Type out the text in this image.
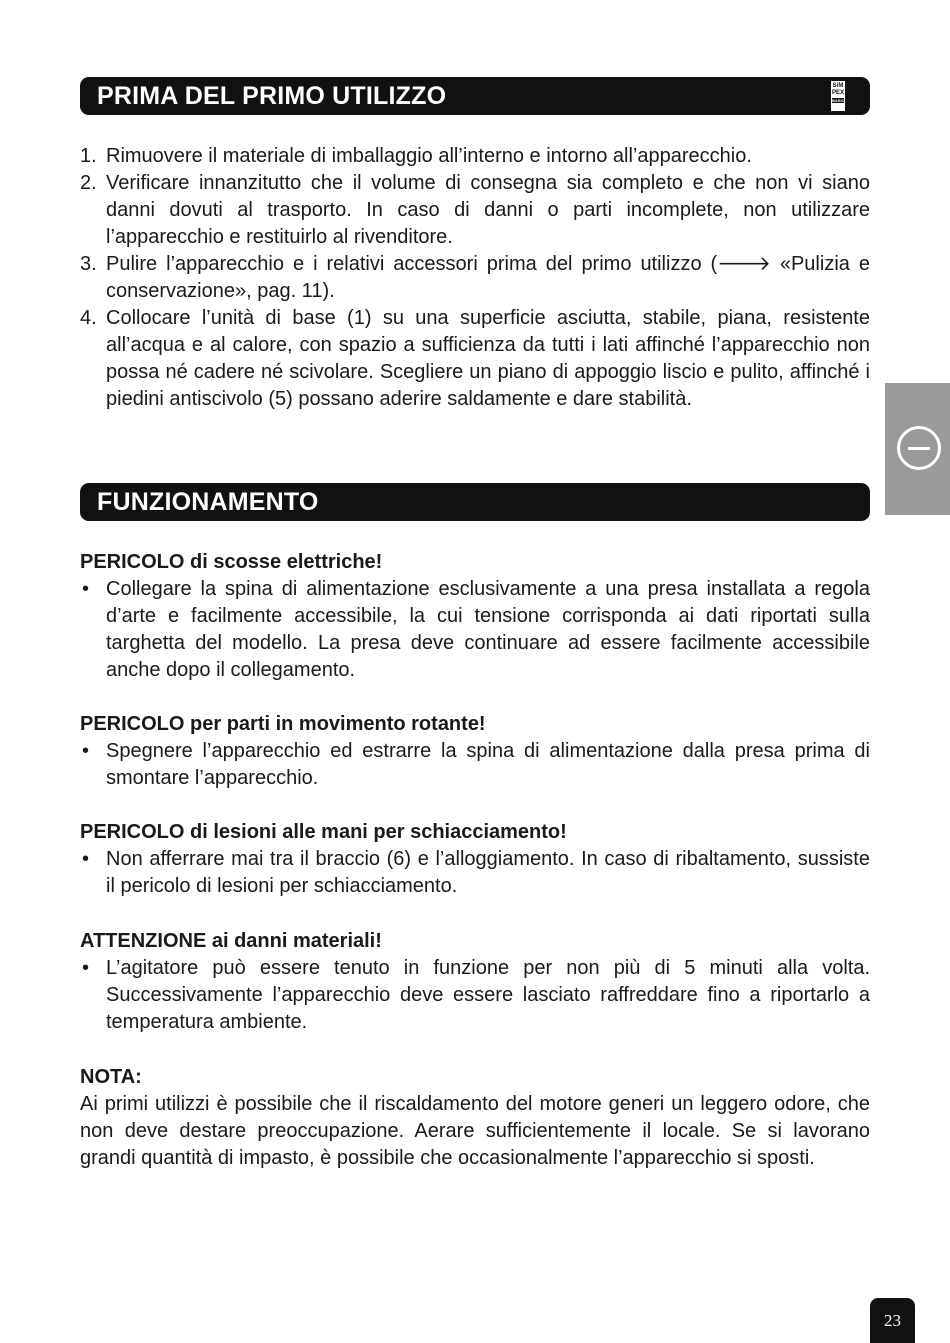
PRIMA DEL PRIMO UTILIZZO	SiM
PEX
BASIC
1. Rimuovere il materiale di imballaggio all’interno e intorno all’apparecchio.
2. Verificare innanzitutto che il volume di consegna sia completo e che non vi siano danni dovuti al trasporto. In caso di danni o parti incomplete, non utilizzare l’apparecchio e restituirlo al rivenditore.
3. Pulire l’apparecchio e i relativi accessori prima del primo utilizzo (🡒 «Pulizia e conservazione», pag. 11).
4. Collocare l’unità di base (1) su una superficie asciutta, stabile, piana, resistente all’acqua e al calore, con spazio a sufficienza da tutti i lati affinché l’apparecchio non possa né cadere né scivolare. Scegliere un piano di appoggio liscio e pulito, affinché i piedini antiscivolo (5) possano aderire saldamente e dare stabilità.
FUNZIONAMENTO
PERICOLO di scosse elettriche!
• Collegare la spina di alimentazione esclusivamente a una presa installata a regola d’arte e facilmente accessibile, la cui tensione corrisponda ai dati riportati sulla targhetta del modello. La presa deve continuare ad essere facilmente accessibile anche dopo il collegamento.
PERICOLO per parti in movimento rotante!
• Spegnere l’apparecchio ed estrarre la spina di alimentazione dalla presa prima di smontare l’apparecchio.
PERICOLO di lesioni alle mani per schiacciamento!
• Non afferrare mai tra il braccio (6) e l’alloggiamento. In caso di ribaltamento, sussiste il pericolo di lesioni per schiacciamento.
ATTENZIONE ai danni materiali!
• L’agitatore può essere tenuto in funzione per non più di 5 minuti alla volta. Successivamente l’apparecchio deve essere lasciato raffreddare fino a riportarlo a temperatura ambiente.
NOTA:
Ai primi utilizzi è possibile che il riscaldamento del motore generi un leggero odore, che non deve destare preoccupazione. Aerare sufficientemente il locale. Se si lavorano grandi quantità di impasto, è possibile che occasionalmente l’apparecchio si sposti.
23
